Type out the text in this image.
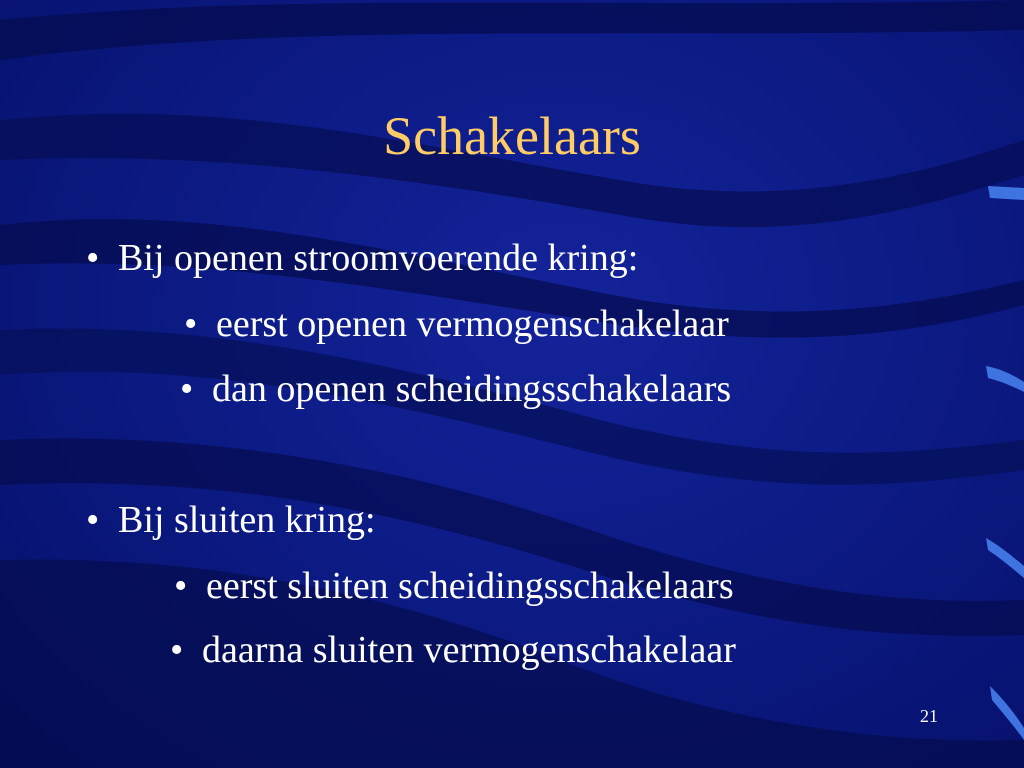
Schakelaars
• Bij openen stroomvoerende kring:
• eerst openen vermogenschakelaar
• dan openen scheidingsschakelaars
• Bij sluiten kring:
• eerst sluiten scheidingsschakelaars
• daarna sluiten vermogenschakelaar
21
